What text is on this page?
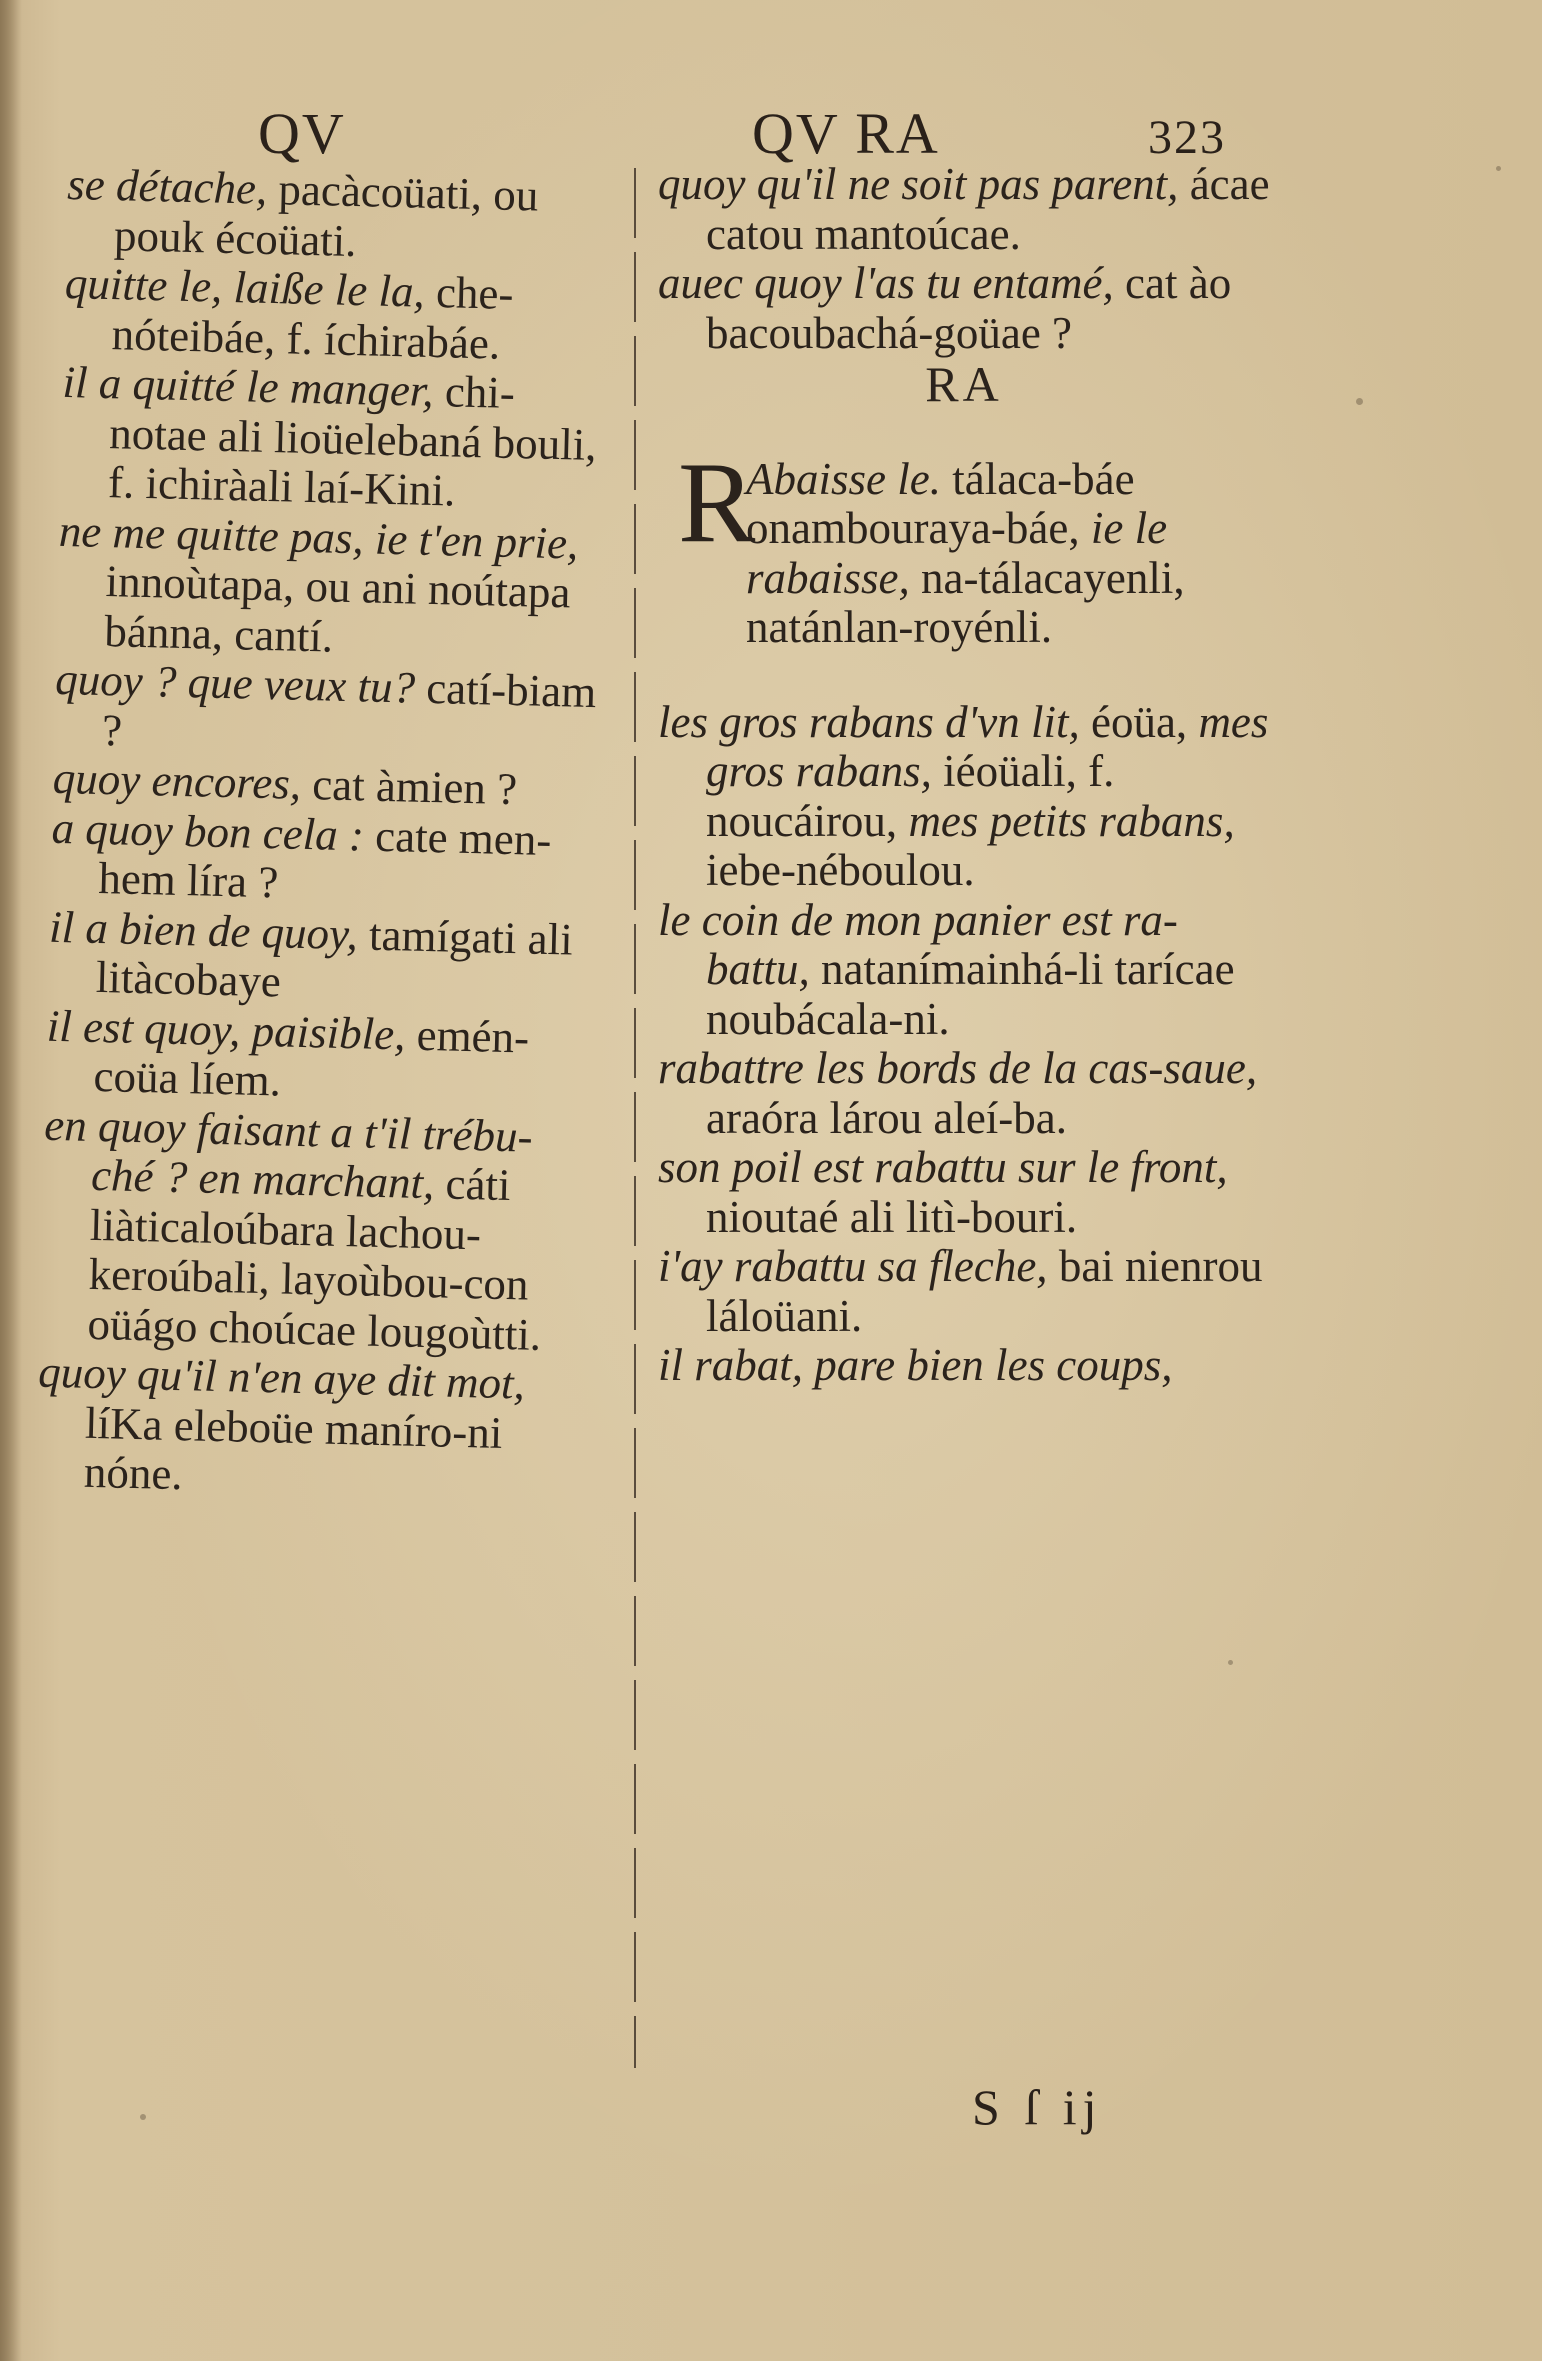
QV	QV RA	323

se détache, pacàcoüati, ou pouk écoüati.

quitte le, laiße le la, che-nóteibáe, f. íchirabáe.

il a quitté le manger, chi-notae ali lioüelebaná bouli, f. ichiràali laí-Kini.

ne me quitte pas, ie t'en prie, innoùtapa, ou ani noútapa bánna, cantí.

quoy ? que veux tu? catí-biam ?

quoy encores, cat àmien ?

a quoy bon cela : cate men-hem líra ?

il a bien de quoy, tamígati ali litàcobaye

il est quoy, paisible, emén-coüa líem.

en quoy faisant a t'il trébu-ché ? en marchant, cáti liàticaloúbara lachou-keroúbali, layoùbou-con oüágo choúcae lougoùtti.

quoy qu'il n'en aye dit mot, líKa eleboüe maníro-ni nóne.

quoy qu'il ne soit pas parent, ácae catou mantoúcae.

auec quoy l'as tu entamé, cat ào bacoubachá-goüae ?

RA

R
Abaisse le. tálaca-báe onambouraya-báe, ie le rabaisse, na-tálacayenli, natánlan-royénli.

les gros rabans d'vn lit, éoüa, mes gros rabans, iéoüali, f. noucáirou, mes petits rabans, iebe-néboulou.

le coin de mon panier est ra-battu, natanímainhá-li tarícae noubácala-ni.

rabattre les bords de la cas-saue, araóra lárou aleí-ba.

son poil est rabattu sur le front, nioutaé ali litì-bouri.

i'ay rabattu sa fleche, bai nienrou láloüani.

il rabat, pare bien les coups,

S ſ ij
